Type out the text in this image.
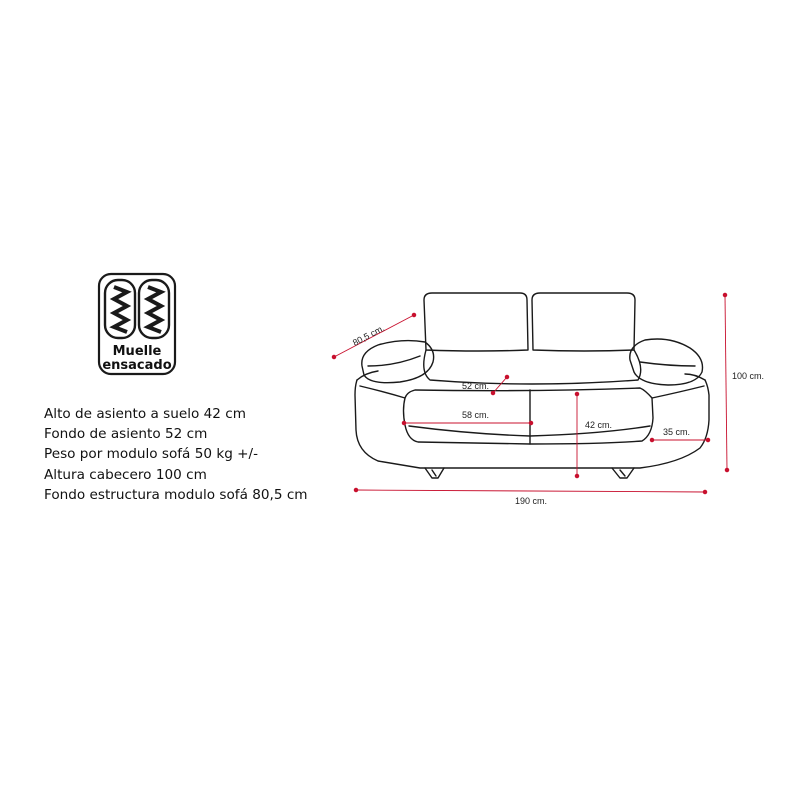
Muelle
ensacado
Alto de asiento a suelo 42 cm
Fondo de asiento 52 cm
Peso por modulo sofá 50 kg +/-
Altura cabecero 100 cm
Fondo estructura modulo sofá 80,5 cm
80,5 cm.
100 cm.
52 cm.
58 cm.
42 cm.
35 cm.
190 cm.
